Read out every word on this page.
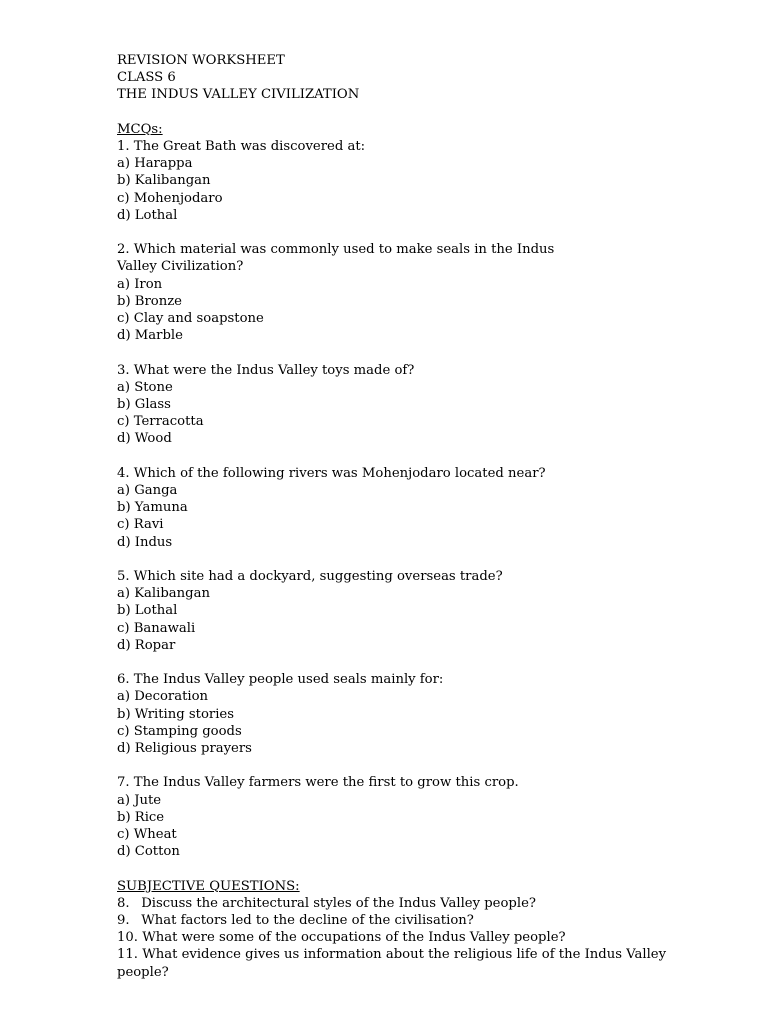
REVISION WORKSHEET
CLASS 6
THE INDUS VALLEY CIVILIZATION
MCQs:
1. The Great Bath was discovered at:
a) Harappa
b) Kalibangan
c) Mohenjodaro
d) Lothal
2. Which material was commonly used to make seals in the Indus Valley Civilization?
a) Iron
b) Bronze
c) Clay and soapstone
d) Marble
3. What were the Indus Valley toys made of?
a) Stone
b) Glass
c) Terracotta
d) Wood
4. Which of the following rivers was Mohenjodaro located near?
a) Ganga
b) Yamuna
c) Ravi
d) Indus
5. Which site had a dockyard, suggesting overseas trade?
a) Kalibangan
b) Lothal
c) Banawali
d) Ropar
6. The Indus Valley people used seals mainly for:
a) Decoration
b) Writing stories
c) Stamping goods
d) Religious prayers
7. The Indus Valley farmers were the first to grow this crop.
a) Jute
b) Rice
c) Wheat
d) Cotton
SUBJECTIVE QUESTIONS:
8. Discuss the architectural styles of the Indus Valley people?
9. What factors led to the decline of the civilisation?
10. What were some of the occupations of the Indus Valley people?
11. What evidence gives us information about the religious life of the Indus Valley people?
